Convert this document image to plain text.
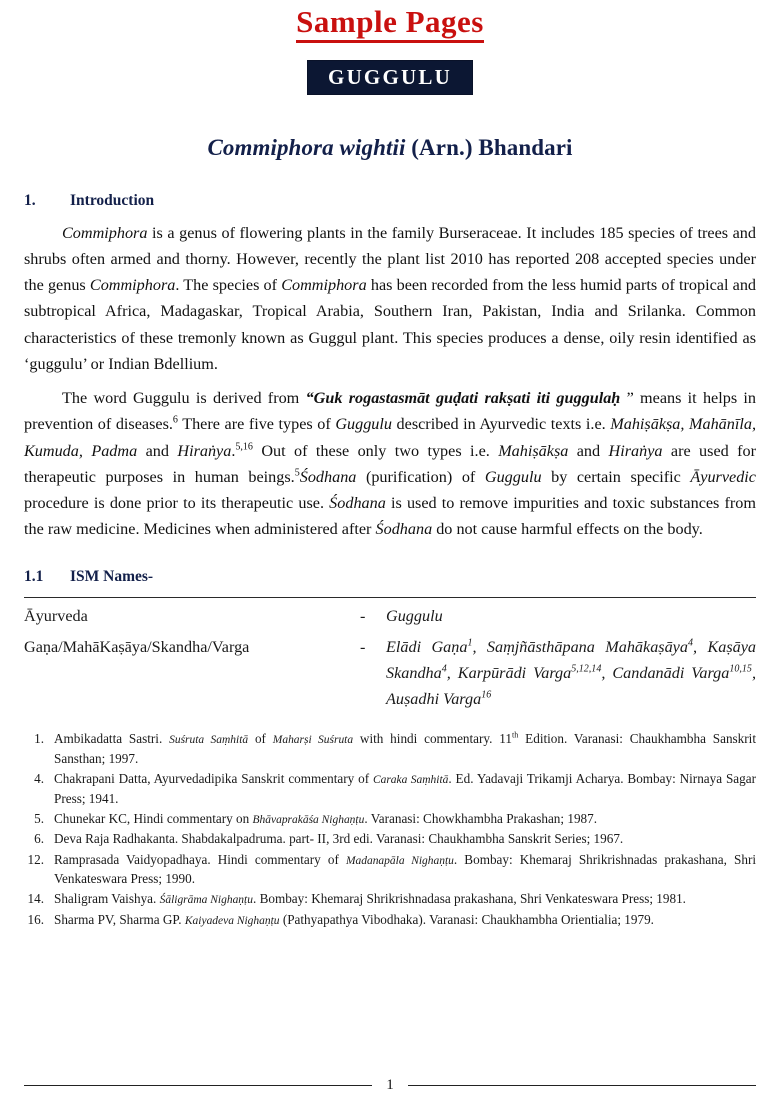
Sample Pages
GUGGULU
Commiphora wightii (Arn.) Bhandari
1.	Introduction

Commiphora is a genus of flowering plants in the family Burseraceae. It includes 185 species of trees and shrubs often armed and thorny. However, recently the plant list 2010 has reported 208 accepted species under the genus Commiphora. The species of Commiphora has been recorded from the less humid parts of tropical and subtropical Africa, Madagaskar, Tropical Arabia, Southern Iran, Pakistan, India and Srilanka. Common characteristics of these tremonly known as Guggul plant. This species produces a dense, oily resin identified as ‘guggulu’ or Indian Bdellium.

The word Guggulu is derived from “Guk rogastasmāt guḍati rakṣati iti guggulaḥ ” means it helps in prevention of diseases.$^6$ There are five types of Guggulu described in Ayurvedic texts i.e. Mahiṣākṣa, Mahānīla, Kumuda, Padma and Hiraṅya.$^{5,16}$ Out of these only two types i.e. Mahiṣākṣa and Hiraṅya are used for therapeutic purposes in human beings.$^5$Śodhana (purification) of Guggulu by certain specific Āyurvedic procedure is done prior to its therapeutic use. Śodhana is used to remove impurities and toxic substances from the raw medicine. Medicines when administered after Śodhana do not cause harmful effects on the body.

1.1	ISM Names-
Āyurveda	-	Guggulu
Gaṇa/MahāKaṣāya/Skandha/Varga	-	Elādi Gaṇa$^1$, Saṃjñāsthāpana Mahākaṣāya$^4$, Kaṣāya Skandha$^4$, Karpūrādi Varga$^{5,12,14}$, Candanādi Varga$^{10,15}$, Auṣadhi Varga$^{16}$
1. Ambikadatta Sastri. Suśruta Saṃhitā of Maharṣi Suśruta with hindi commentary. 11th Edition. Varanasi: Chaukhambha Sanskrit Sansthan; 1997.
4. Chakrapani Datta, Ayurvedadipika Sanskrit commentary of Caraka Saṃhitā. Ed. Yadavaji Trikamji Acharya. Bombay: Nirnaya Sagar Press; 1941.
5. Chunekar KC, Hindi commentary on Bhāvaprakāśa Nighaṇṭu. Varanasi: Chowkhambha Prakashan; 1987.
6. Deva Raja Radhakanta. Shabdakalpadruma. part- II, 3rd edi. Varanasi: Chaukhambha Sanskrit Series; 1967.
12. Ramprasada Vaidyopadhaya. Hindi commentary of Madanapāla Nighaṇṭu. Bombay: Khemaraj Shrikrishnadas prakashana, Shri Venkateswara Press; 1990.
14. Shaligram Vaishya. Śāligrāma Nighaṇṭu. Bombay: Khemaraj Shrikrishnadasa prakashana, Shri Venkateswara Press; 1981.
16. Sharma PV, Sharma GP. Kaiyadeva Nighaṇṭu (Pathyapathya Vibodhaka). Varanasi: Chaukhambha Orientialia; 1979.
1
